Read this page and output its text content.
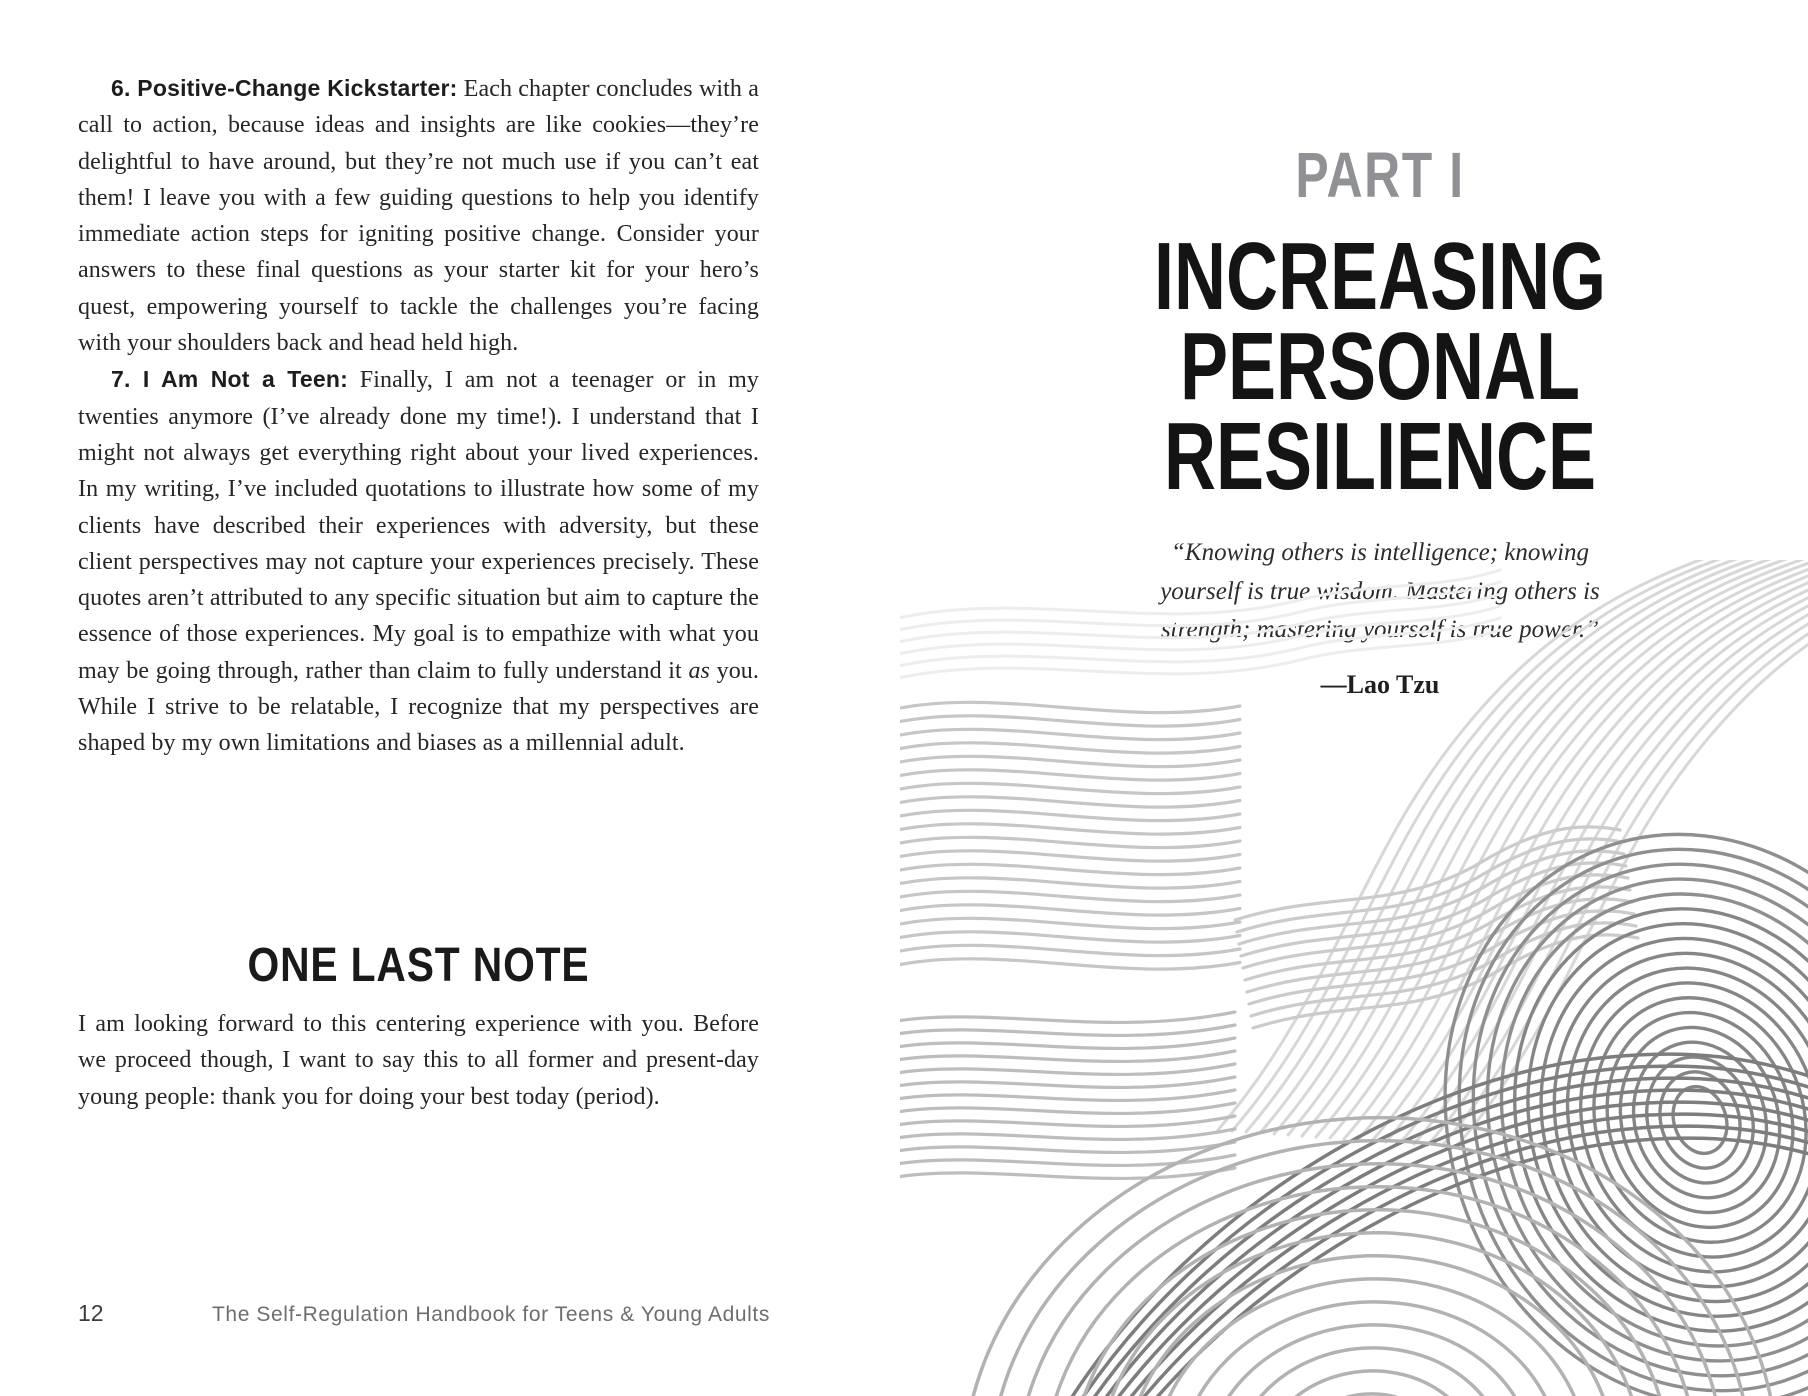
6. Positive-Change Kickstarter: Each chapter concludes with a call to action, because ideas and insights are like cookies—they’re delightful to have around, but they’re not much use if you can’t eat them! I leave you with a few guiding questions to help you identify immediate action steps for igniting positive change. Consider your answers to these final questions as your starter kit for your hero’s quest, empowering yourself to tackle the challenges you’re facing with your shoulders back and head held high.

7. I Am Not a Teen: Finally, I am not a teenager or in my twenties anymore (I’ve already done my time!). I understand that I might not always get everything right about your lived experiences. In my writing, I’ve included quotations to illustrate how some of my clients have described their experiences with adversity, but these client perspectives may not capture your experiences precisely. These quotes aren’t attributed to any specific situation but aim to capture the essence of those experiences. My goal is to empathize with what you may be going through, rather than claim to fully understand it as you. While I strive to be relatable, I recognize that my perspectives are shaped by my own limitations and biases as a millennial adult.

ONE LAST NOTE

I am looking forward to this centering experience with you. Before we proceed though, I want to say this to all former and present-day young people: thank you for doing your best today (period).

12	The Self-Regulation Handbook for Teens & Young Adults
PART I
INCREASING
PERSONAL
RESILIENCE
“Knowing others is intelligence; knowing
yourself is true wisdom. Mastering others is
strength; mastering yourself is true power.”
—Lao Tzu
